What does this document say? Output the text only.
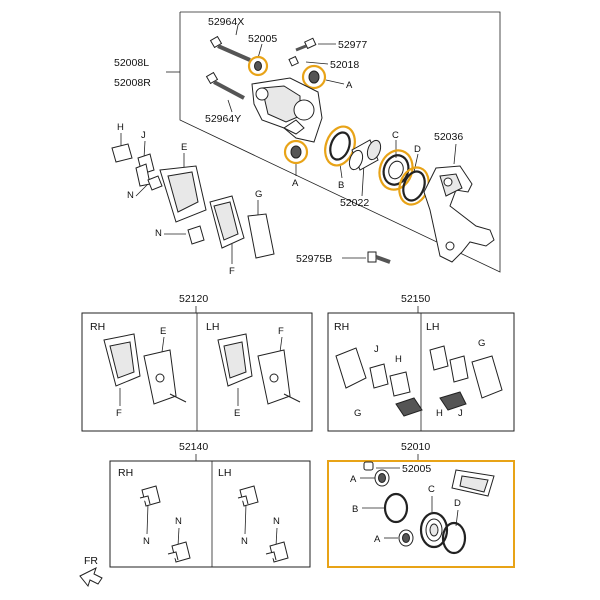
52964X
52005	52977
52018
52008L
52008R
52964Y
52036
52022
52975B
A
A	B
C
D
H
J
E
N	G
N
F
52120
RH	LH
E
F
F
E
52150
RH	LH
J
H
G	H J
G
52140
RH	LH
N
N
N
N
52010
52005
A
B
A
C
D
FR
